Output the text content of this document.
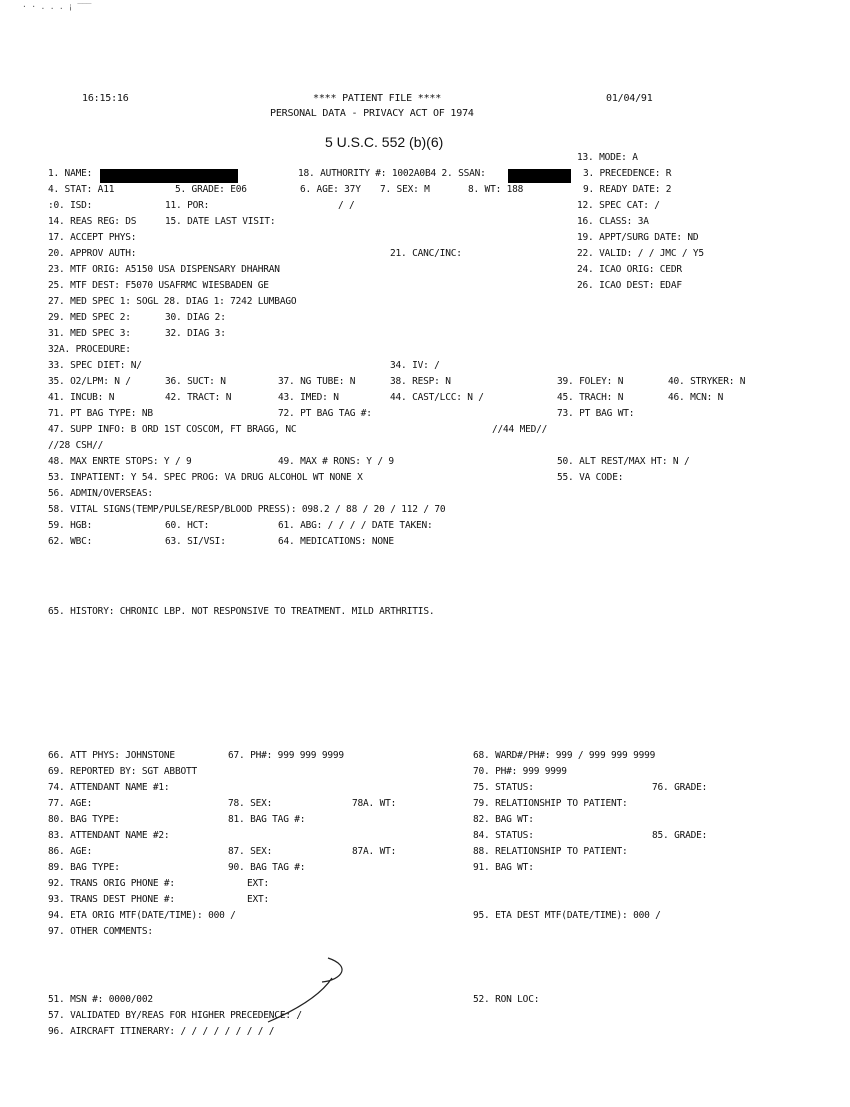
· · . . . ¡ ‾‾‾
16:15:16	**** PATIENT FILE ****
PERSONAL DATA - PRIVACY ACT OF 1974
01/04/91
5 U.S.C. 552 (b)(6)
13. MODE: A
1. NAME:	18. AUTHORITY #: 1002A0B4 2. SSAN:	3. PRECEDENCE: R
4. STAT: A11	5. GRADE: E06	6. AGE: 37Y 7. SEX: M	8. WT: 188	9. READY DATE: 2
:0. ISD:	11. POR:	/ /	12. SPEC CAT: /
14. REAS REG: DS	15. DATE LAST VISIT:	16. CLASS: 3A
17. ACCEPT PHYS:	19. APPT/SURG DATE: ND
20. APPROV AUTH:	21. CANC/INC:	22. VALID: / / JMC / Y5
23. MTF ORIG: A5150 USA DISPENSARY DHAHRAN	24. ICAO ORIG: CEDR
25. MTF DEST: F5070 USAFRMC WIESBADEN GE	26. ICAO DEST: EDAF
27. MED SPEC 1: SOGL 28. DIAG 1: 7242 LUMBAGO
29. MED SPEC 2:	30. DIAG 2:
31. MED SPEC 3:	32. DIAG 3:
32A. PROCEDURE:
33. SPEC DIET: N/	34. IV: /
35. O2/LPM: N /	36. SUCT: N	37. NG TUBE: N	38. RESP: N	39. FOLEY: N	40. STRYKER: N
41. INCUB: N	42. TRACT: N	43. IMED: N	44. CAST/LCC: N /	45. TRACH: N	46. MCN: N
71. PT BAG TYPE: NB	72. PT BAG TAG #:	73. PT BAG WT:
47. SUPP INFO: B ORD 1ST COSCOM, FT BRAGG, NC	//44 MED//
//28 CSH//
48. MAX ENRTE STOPS: Y / 9	49. MAX # RONS: Y / 9	50. ALT REST/MAX HT: N /
53. INPATIENT: Y 54. SPEC PROG: VA DRUG ALCOHOL WT NONE X	55. VA CODE:
56. ADMIN/OVERSEAS:
58. VITAL SIGNS(TEMP/PULSE/RESP/BLOOD PRESS): 098.2 / 88 / 20 / 112 / 70
59. HGB:	60. HCT:	61. ABG: / / / / DATE TAKEN:
62. WBC:	63. SI/VSI:	64. MEDICATIONS: NONE
65. HISTORY: CHRONIC LBP. NOT RESPONSIVE TO TREATMENT. MILD ARTHRITIS.
66. ATT PHYS: JOHNSTONE	67. PH#: 999 999 9999	68. WARD#/PH#: 999 / 999 999 9999
69. REPORTED BY: SGT ABBOTT	70. PH#: 999 9999
74. ATTENDANT NAME #1:	75. STATUS:	76. GRADE:
77. AGE:	78. SEX:	78A. WT:	79. RELATIONSHIP TO PATIENT:
80. BAG TYPE:	81. BAG TAG #:	82. BAG WT:
83. ATTENDANT NAME #2:	84. STATUS:	85. GRADE:
86. AGE:	87. SEX:	87A. WT:	88. RELATIONSHIP TO PATIENT:
89. BAG TYPE:	90. BAG TAG #:	91. BAG WT:
92. TRANS ORIG PHONE #:	EXT:
93. TRANS DEST PHONE #:	EXT:
94. ETA ORIG MTF(DATE/TIME): 000 /	95. ETA DEST MTF(DATE/TIME): 000 /
97. OTHER COMMENTS:
51. MSN #: 0000/002	52. RON LOC:
57. VALIDATED BY/REAS FOR HIGHER PRECEDENCE: /
96. AIRCRAFT ITINERARY: / / / / / / / / /
